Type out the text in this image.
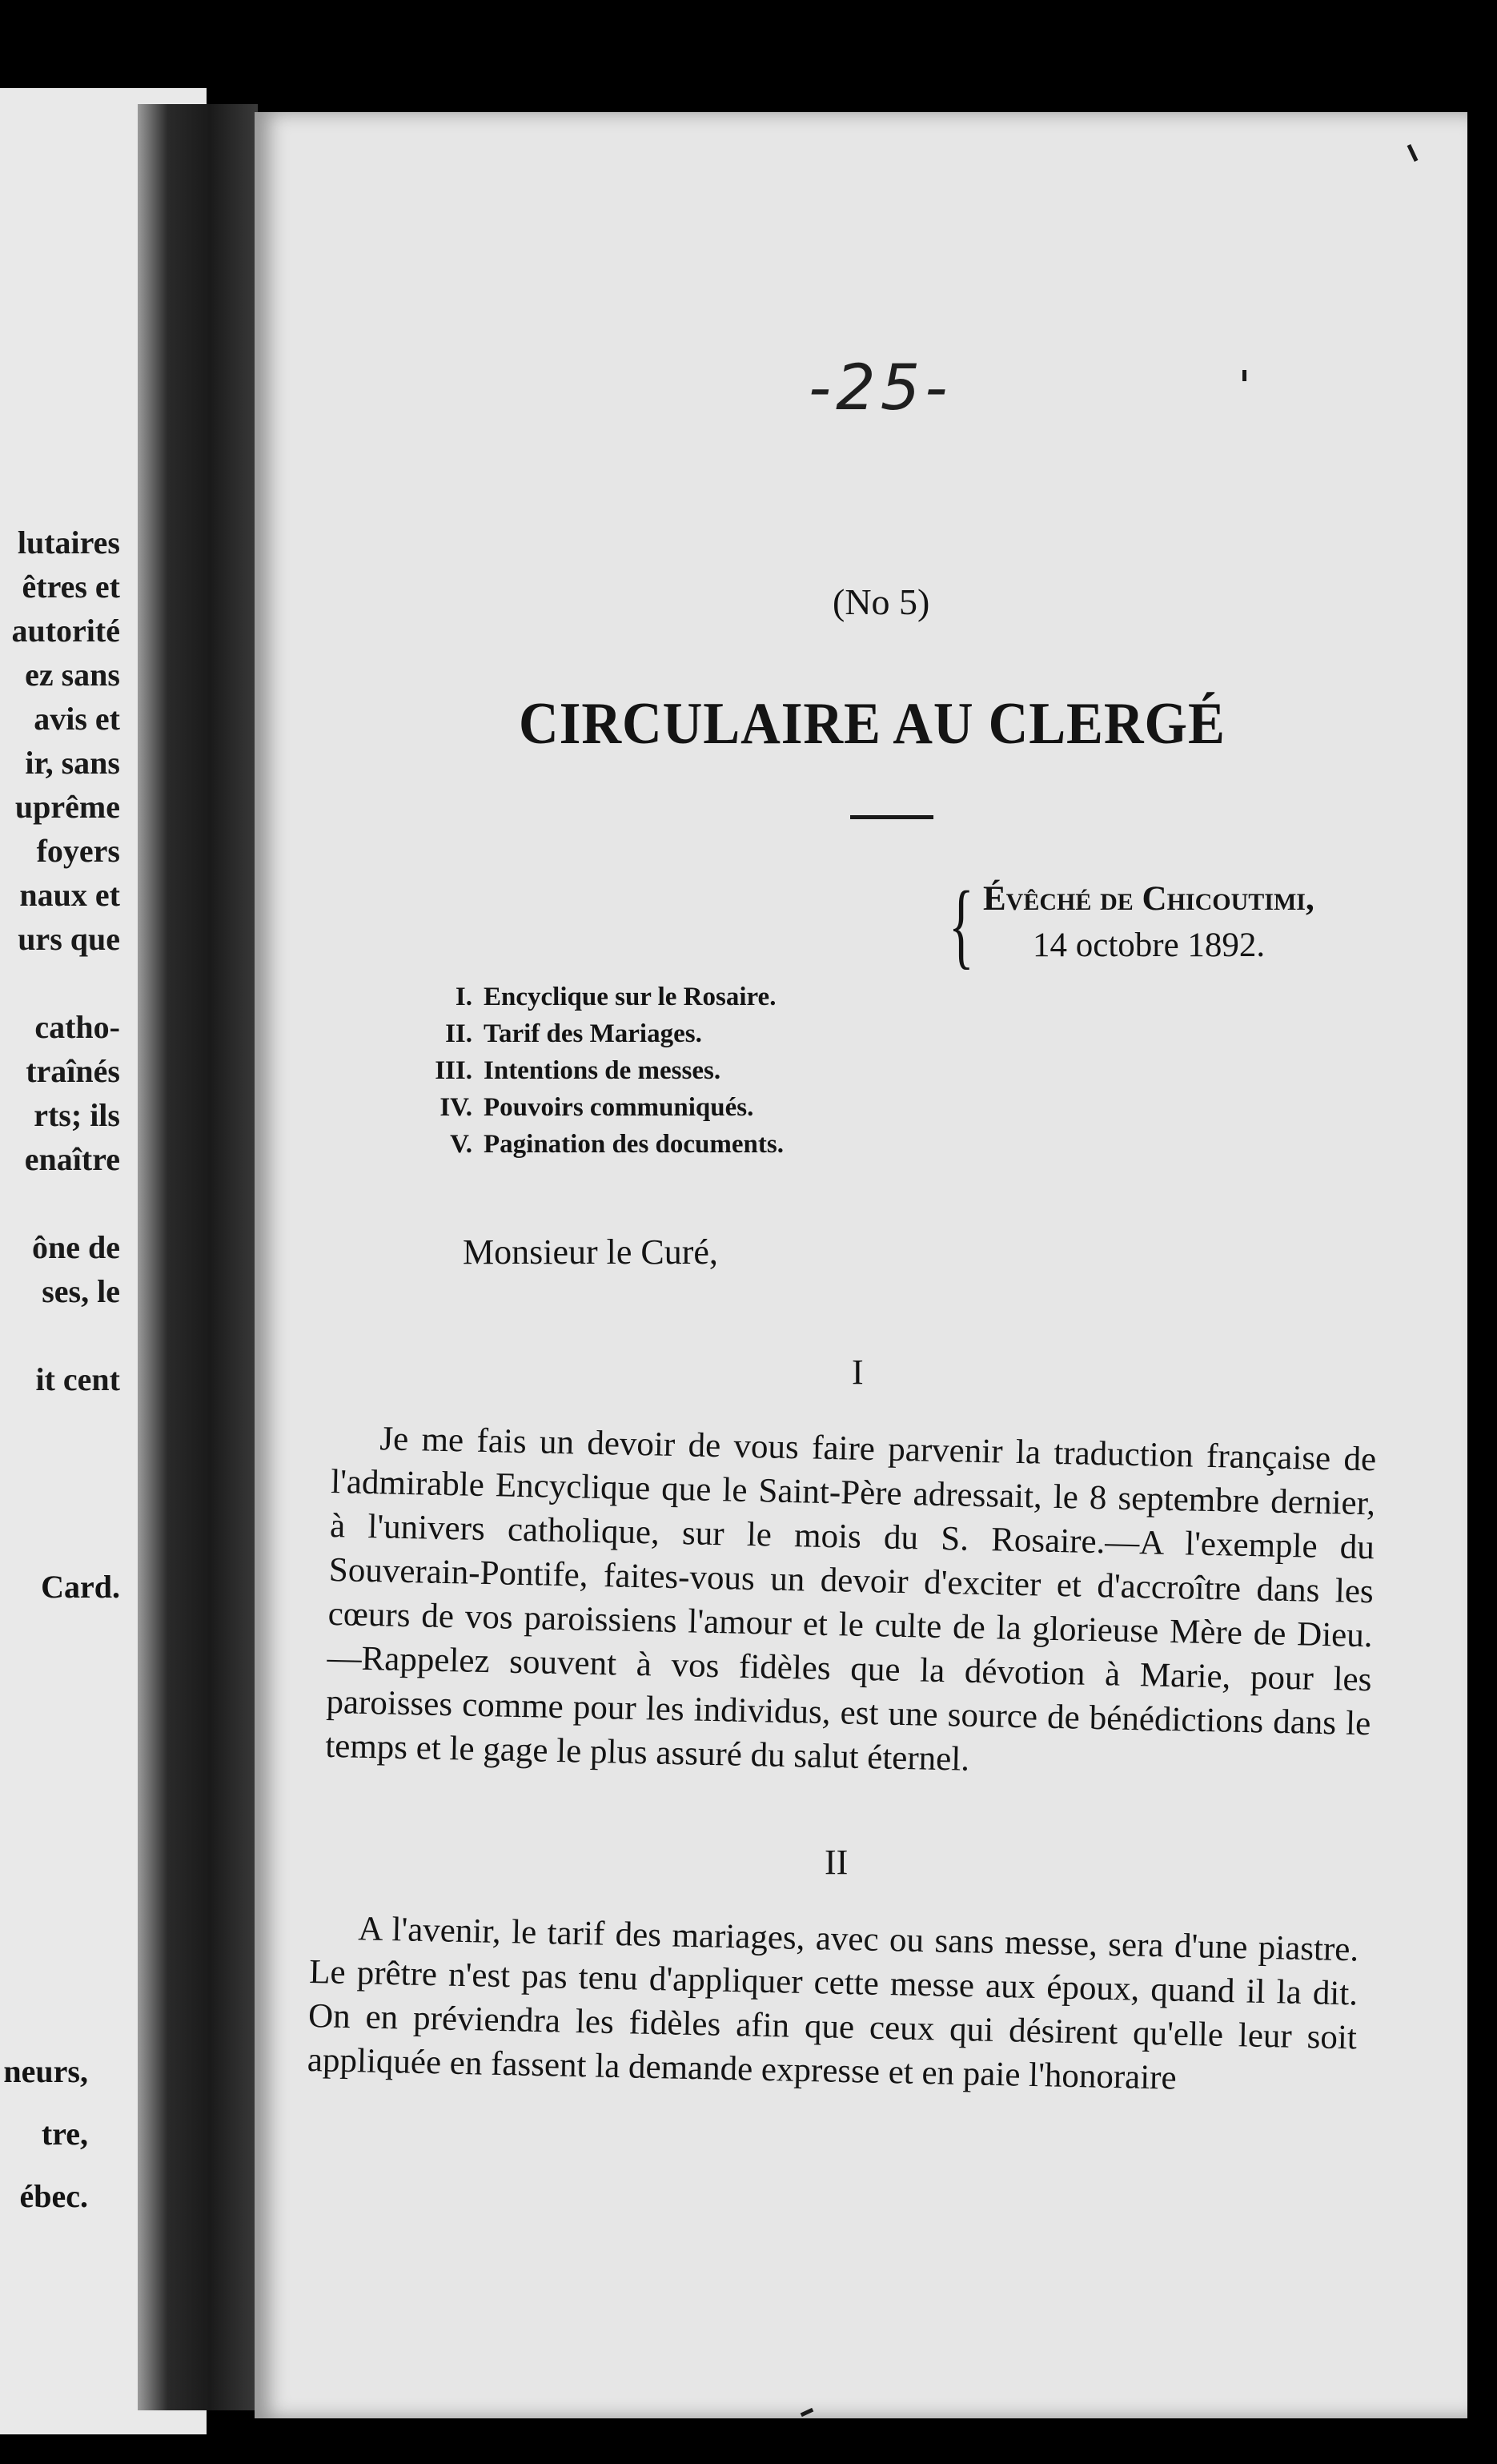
lutaires
êtres et
autorité
ez sans
avis et
ir, sans
uprême
foyers
naux et
urs que
catho-
traînés
rts; ils
enaître
ône de
ses, le
it cent
Card.
neurs,
tre,
ébec.
-25-
(No 5)
CIRCULAIRE AU CLERGÉ
{ Évêché de Chicoutimi,
14 octobre 1892.
I. Encyclique sur le Rosaire.
II. Tarif des Mariages.
III. Intentions de messes.
IV. Pouvoirs communiqués.
V. Pagination des documents.
Monsieur le Curé,
I
Je me fais un devoir de vous faire parvenir la traduction française de l'admirable Encyclique que le Saint-Père adressait, le 8 septembre dernier, à l'univers catholique, sur le mois du S. Rosaire.—A l'exemple du Souverain-Pontife, faites-vous un devoir d'exciter et d'accroître dans les cœurs de vos paroissiens l'amour et le culte de la glorieuse Mère de Dieu.—Rappelez souvent à vos fidèles que la dévotion à Marie, pour les paroisses comme pour les individus, est une source de bénédictions dans le temps et le gage le plus assuré du salut éternel.
II
A l'avenir, le tarif des mariages, avec ou sans messe, sera d'une piastre. Le prêtre n'est pas tenu d'appliquer cette messe aux époux, quand il la dit. On en préviendra les fidèles afin que ceux qui désirent qu'elle leur soit appliquée en fassent la demande expresse et en paie l'honoraire
